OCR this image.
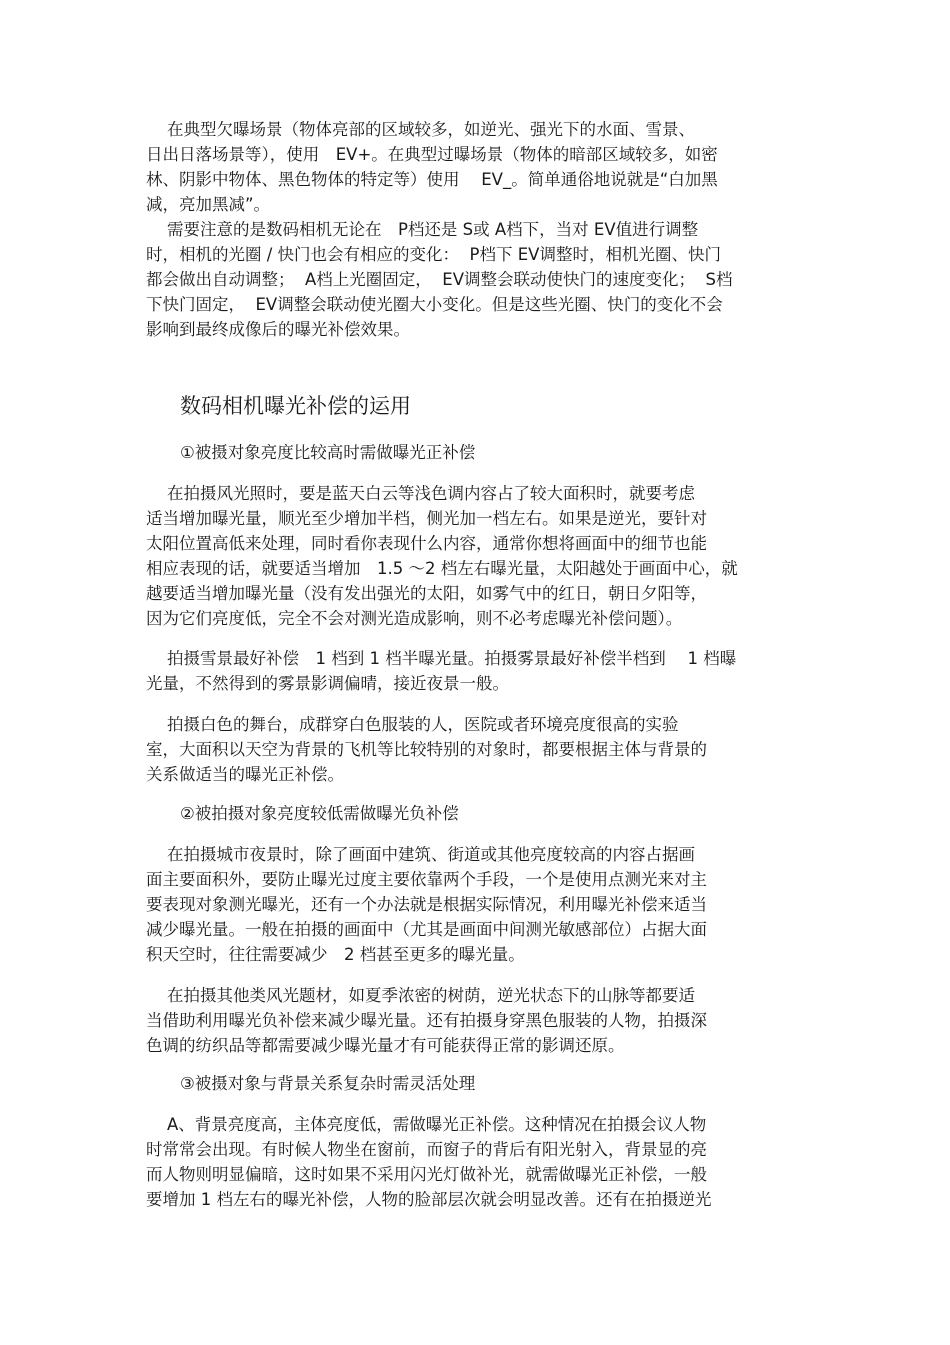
在典型欠曝场景（物体亮部的区域较多，如逆光、强光下的水面、雪景、
日出日落场景等），使用　EV+。在典型过曝场景（物体的暗部区域较多，如密
林、阴影中物体、黑色物体的特定等）使用　 EV_。简单通俗地说就是“白加黑
减，亮加黑减”。
需要注意的是数码相机无论在　P档还是 S或 A档下，当对 EV值进行调整
时，相机的光圈 / 快门也会有相应的变化：  P档下 EV调整时，相机光圈、快门
都会做出自动调整；  A档上光圈固定，  EV调整会联动使快门的速度变化；  S档
下快门固定，  EV调整会联动使光圈大小变化。但是这些光圈、快门的变化不会
影响到最终成像后的曝光补偿效果。
数码相机曝光补偿的运用
①被摄对象亮度比较高时需做曝光正补偿
在拍摄风光照时，要是蓝天白云等浅色调内容占了较大面积时，就要考虑
适当增加曝光量，顺光至少增加半档，侧光加一档左右。如果是逆光，要针对
太阳位置高低来处理，同时看你表现什么内容，通常你想将画面中的细节也能
相应表现的话，就要适当增加　1.5 ～2 档左右曝光量，太阳越处于画面中心，就
越要适当增加曝光量（没有发出强光的太阳，如雾气中的红日，朝日夕阳等，
因为它们亮度低，完全不会对测光造成影响，则不必考虑曝光补偿问题）。
拍摄雪景最好补偿　1 档到 1 档半曝光量。拍摄雾景最好补偿半档到　 1 档曝
光量，不然得到的雾景影调偏晴，接近夜景一般。
拍摄白色的舞台，成群穿白色服装的人，医院或者环境亮度很高的实验
室，大面积以天空为背景的飞机等比较特别的对象时，都要根据主体与背景的
关系做适当的曝光正补偿。
②被拍摄对象亮度较低需做曝光负补偿
在拍摄城市夜景时，除了画面中建筑、街道或其他亮度较高的内容占据画
面主要面积外，要防止曝光过度主要依靠两个手段，一个是使用点测光来对主
要表现对象测光曝光，还有一个办法就是根据实际情况，利用曝光补偿来适当
减少曝光量。一般在拍摄的画面中（尤其是画面中间测光敏感部位）占据大面
积天空时，往往需要减少　2 档甚至更多的曝光量。
在拍摄其他类风光题材，如夏季浓密的树荫，逆光状态下的山脉等都要适
当借助利用曝光负补偿来减少曝光量。还有拍摄身穿黑色服装的人物，拍摄深
色调的纺织品等都需要减少曝光量才有可能获得正常的影调还原。
③被摄对象与背景关系复杂时需灵活处理
A、背景亮度高，主体亮度低，需做曝光正补偿。这种情况在拍摄会议人物
时常常会出现。有时候人物坐在窗前，而窗子的背后有阳光射入，背景显的亮
而人物则明显偏暗，这时如果不采用闪光灯做补光，就需做曝光正补偿，一般
要增加 1 档左右的曝光补偿，人物的脸部层次就会明显改善。还有在拍摄逆光
